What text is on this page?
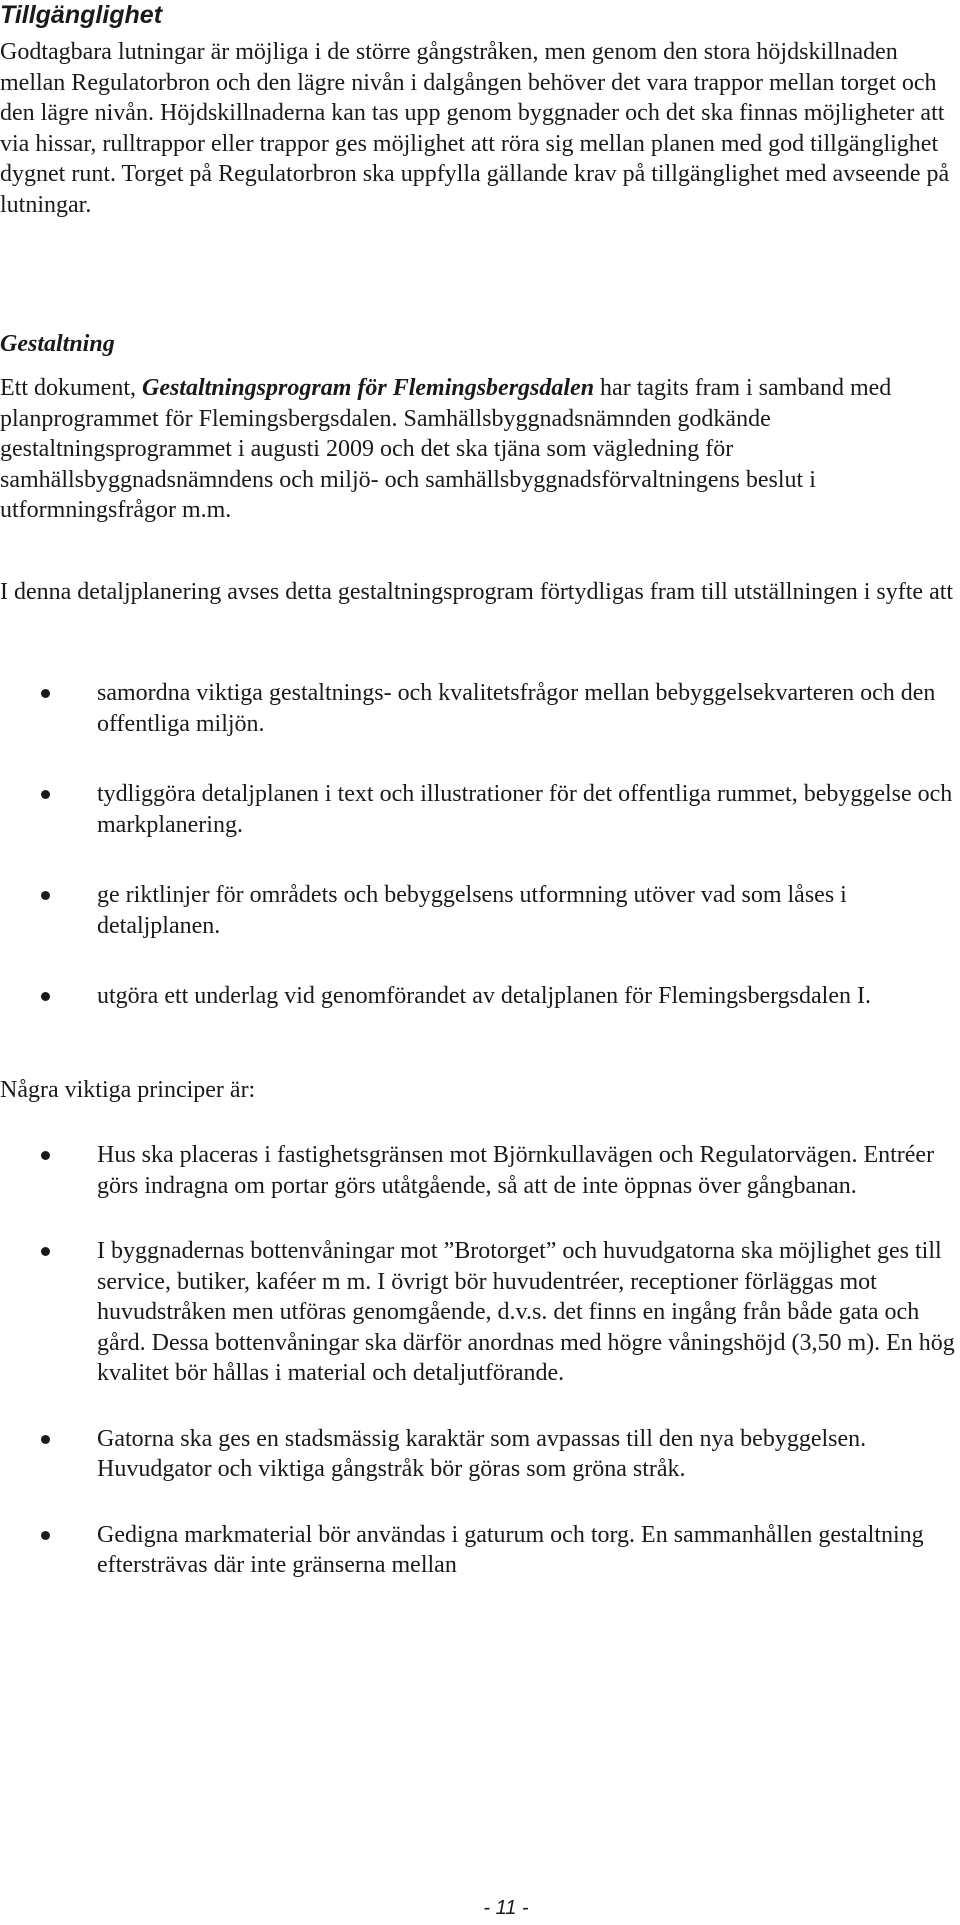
Tillgänglighet

Godtagbara lutningar är möjliga i de större gångstråken, men genom den stora höjdskillnaden mellan Regulatorbron och den lägre nivån i dalgången behöver det vara trappor mellan torget och den lägre nivån. Höjdskillnaderna kan tas upp genom byggnader och det ska finnas möjligheter att via hissar, rulltrappor eller trappor ges möjlighet att röra sig mellan planen med god tillgänglighet dygnet runt. Torget på Regulatorbron ska uppfylla gällande krav på tillgänglighet med avseende på lutningar.

Gestaltning

Ett dokument, Gestaltningsprogram för Flemingsbergsdalen har tagits fram i samband med planprogrammet för Flemingsbergsdalen. Samhällsbyggnadsnämnden godkände gestaltningsprogrammet i augusti 2009 och det ska tjäna som vägledning för samhällsbyggnadsnämndens och miljö- och samhällsbyggnadsförvaltningens beslut i utformningsfrågor m.m.

I denna detaljplanering avses detta gestaltningsprogram förtydligas fram till utställningen i syfte att

samordna viktiga gestaltnings- och kvalitetsfrågor mellan bebyggelsekvarteren och den offentliga miljön.
tydliggöra detaljplanen i text och illustrationer för det offentliga rummet, bebyggelse och markplanering.
ge riktlinjer för områdets och bebyggelsens utformning utöver vad som låses i detaljplanen.
utgöra ett underlag vid genomförandet av detaljplanen för Flemingsbergsdalen I.

Några viktiga principer är:

Hus ska placeras i fastighetsgränsen mot Björnkullavägen och Regulatorvägen. Entréer görs indragna om portar görs utåtgående, så att de inte öppnas över gångbanan.
I byggnadernas bottenvåningar mot ”Brotorget” och huvudgatorna ska möjlighet ges till service, butiker, kaféer m m. I övrigt bör huvudentréer, receptioner förläggas mot huvudstråken men utföras genomgående, d.v.s. det finns en ingång från både gata och gård. Dessa bottenvåningar ska därför anordnas med högre våningshöjd (3,50 m). En hög kvalitet bör hållas i material och detaljutförande.
Gatorna ska ges en stadsmässig karaktär som avpassas till den nya bebyggelsen. Huvudgator och viktiga gångstråk bör göras som gröna stråk.
Gedigna markmaterial bör användas i gaturum och torg. En sammanhållen gestaltning eftersträvas där inte gränserna mellan
- 11 -
